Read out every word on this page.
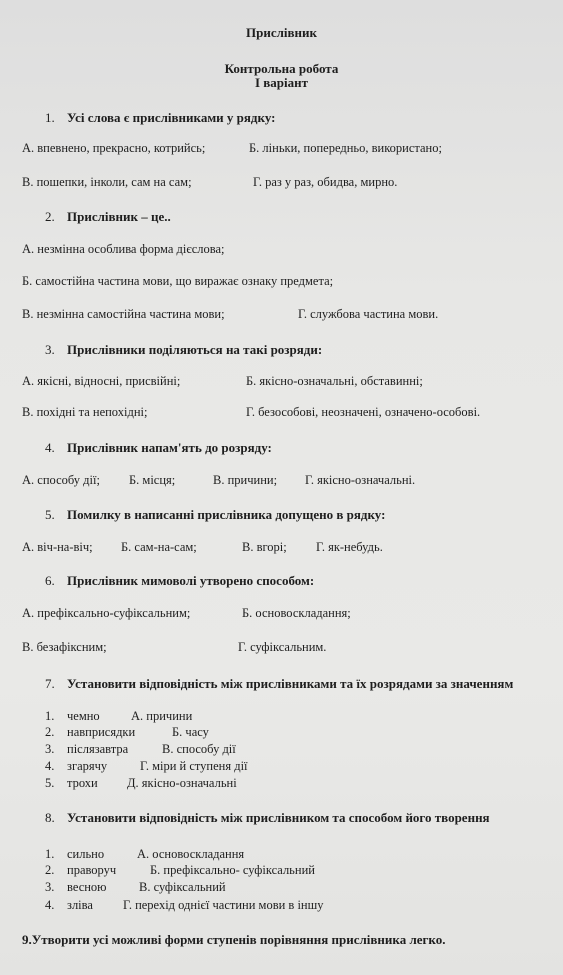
Прислівник
Контрольна робота
І варіант
1. Усі слова є прислівниками у рядку:
А. впевнено, прекрасно, котрийсь;	Б. ліньки, попередньо, використано;
В. пошепки, інколи, сам на сам;	Г. раз у раз, обидва, мирно.
2. Прислівник – це..
А. незмінна особлива форма дієслова;
Б. самостійна частина мови, що виражає ознаку предмета;
В. незмінна самостійна частина мови;	Г. службова частина мови.
3. Прислівники поділяються на такі розряди:
А. якісні, відносні, присвійні;	Б. якісно-означальні, обставинні;
В. похідні та непохідні;	Г. безособові, неозначені, означено-особові.
4. Прислівник напам'ять до розряду:
А. способу дії; Б. місця;	В. причини; Г. якісно-означальні.
5. Помилку в написанні прислівника допущено в рядку:
А. віч-на-віч; Б. сам-на-сам;	В. вгорі; Г. як-небудь.
6. Прислівник мимоволі утворено способом:
А. префіксально-суфіксальним;	Б. основоскладання;
В. безафіксним;	Г. суфіксальним.
7. Установити відповідність між прислівниками та їх розрядами за значенням
1. чемно	А. причини
2. навприсядки	Б. часу
3. післязавтра	В. способу дії
4. згарячу	Г. міри й ступеня дії
5. трохи Д. якісно-означальні
8. Установити відповідність між прислівником та способом його творення
1. сильно	А. основоскладання
2. праворуч	Б. префіксально- суфіксальний
3. весною	В. суфіксальний
4. зліва Г. перехід однієї частини мови в іншу
9.Утворити усі можливі форми ступенів порівняння прислівника легко.
